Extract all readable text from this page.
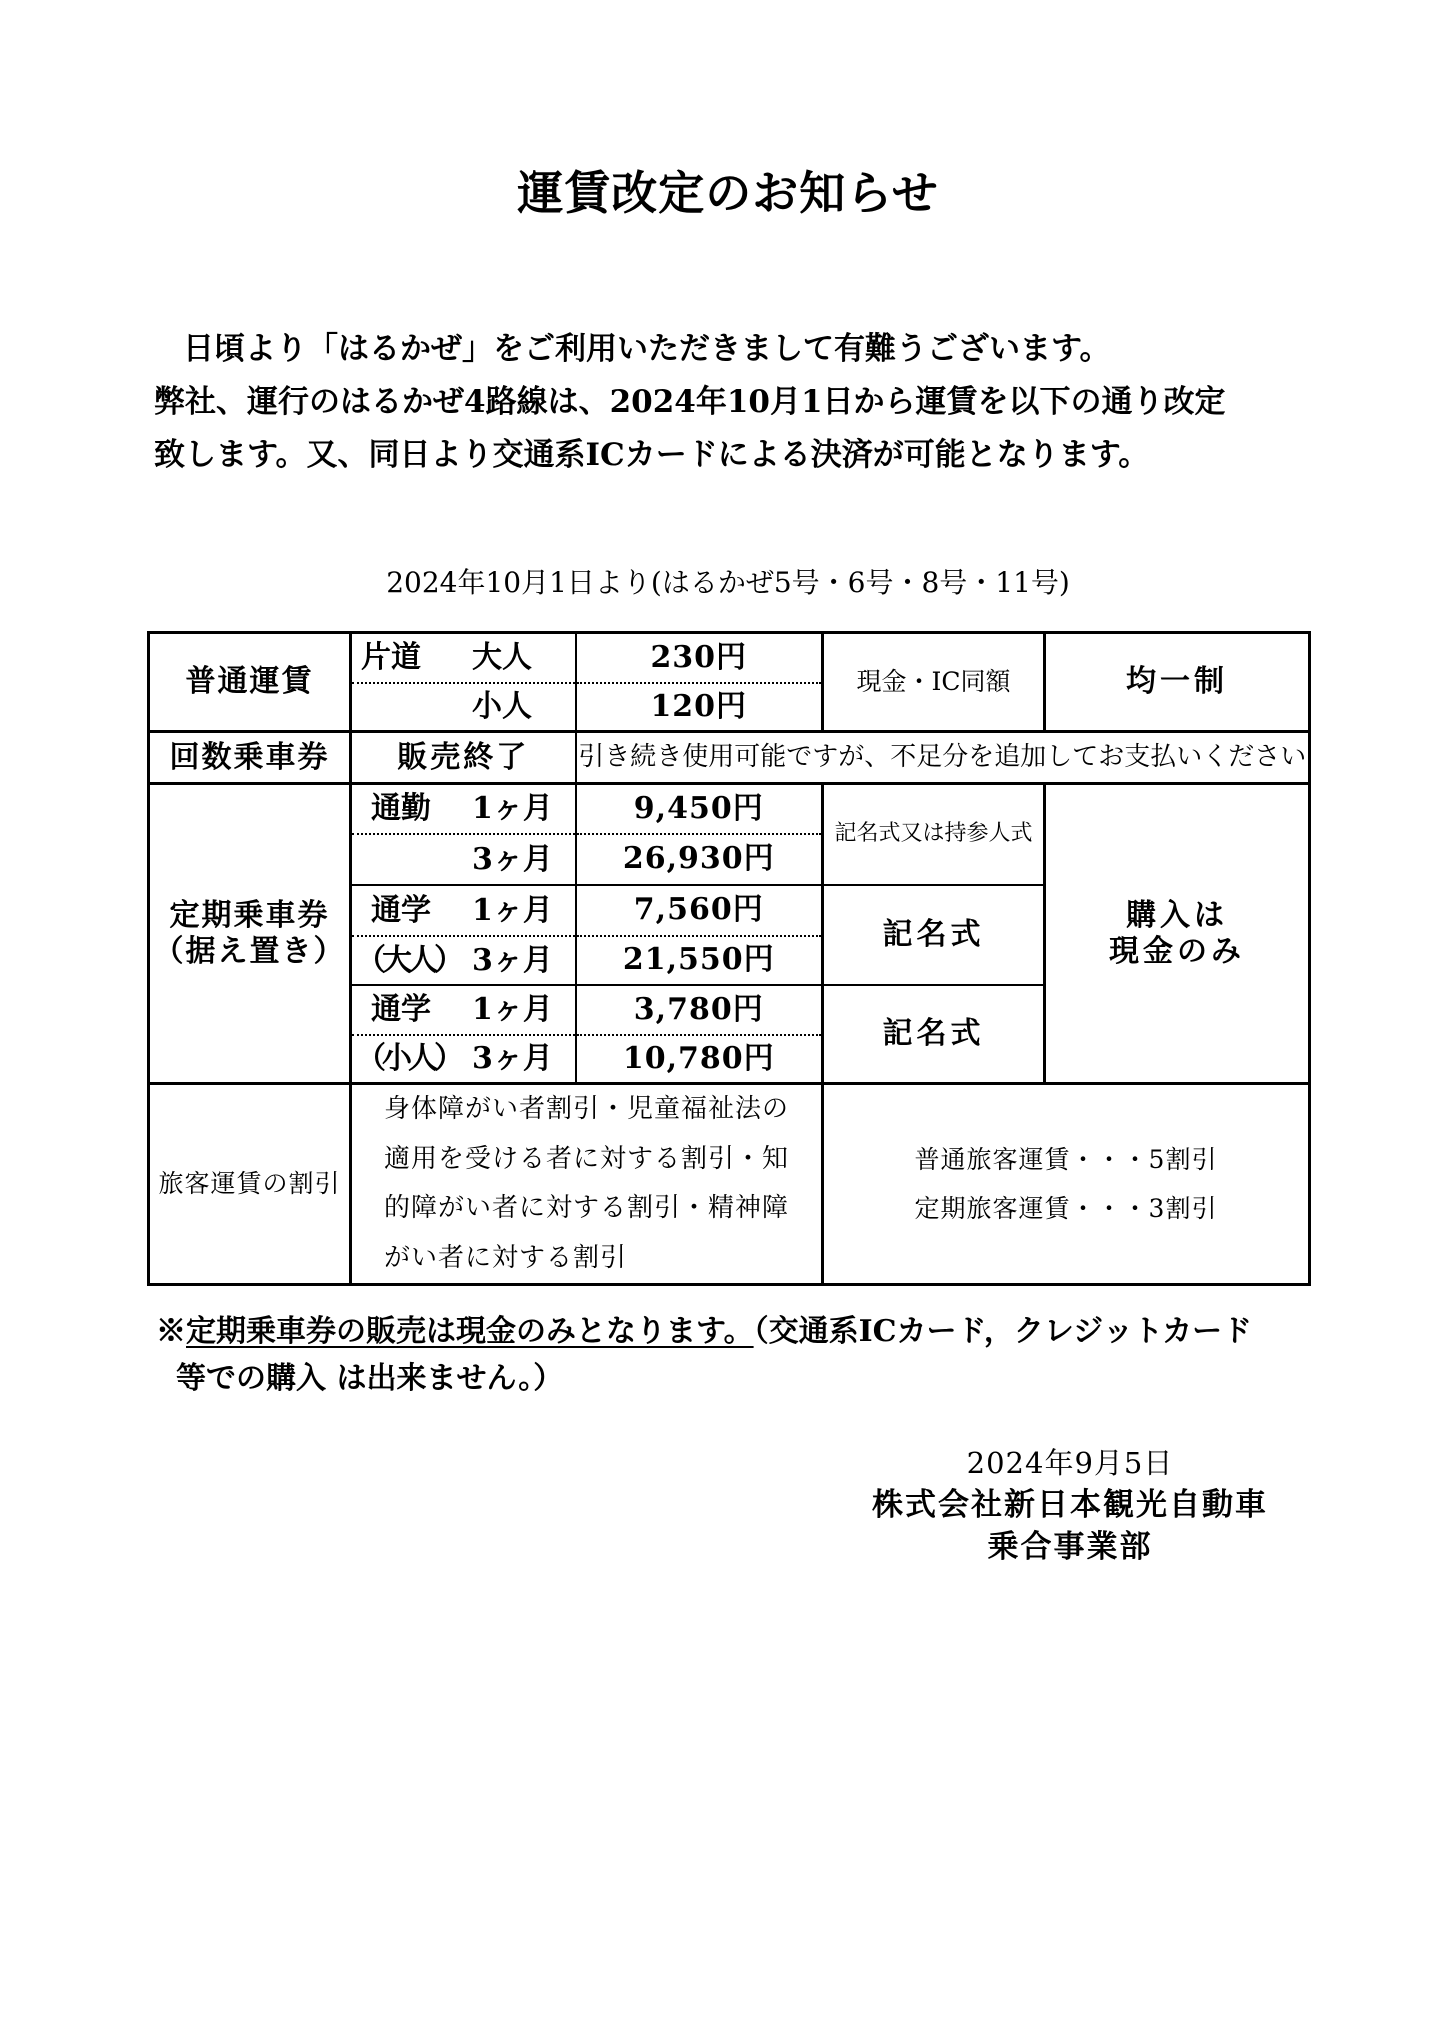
運賃改定のお知らせ
日頃より「はるかぜ」をご利用いただきまして有難うございます。
弊社、運行のはるかぜ4路線は、2024年10月1日から運賃を以下の通り改定
致します。又、同日より交通系ICカードによる決済が可能となります。
2024年10月1日より(はるかぜ5号・6号・8号・11号)
普通運賃	片道 大人	230円	現金・IC同額	均一制
	小人	120円		
回数乗車券	販売終了	引き続き使用可能ですが、不足分を追加してお支払いください		

定期乗車券
（据え置き）	通勤 1ヶ月	9,450円	記名式又は持参人式	購入は
現金のみ

	3ヶ月	26,930円		
	通学 1ヶ月	7,560円	記名式	
	（大人） 3ヶ月	21,550円		
	通学 1ヶ月	3,780円	記名式	
	（小人） 3ヶ月	10,780円		
旅客運賃の割引	身体障がい者割引・児童福祉法の
適用を受ける者に対する割引・知
的障がい者に対する割引・精神障
がい者に対する割引		普通旅客運賃・・・5割引
定期旅客運賃・・・3割引	
※定期乗車券の販売は現金のみとなります。（交通系ICカード，クレジットカード
等での購入 は出来ません。）
2024年9月5日
株式会社新日本観光自動車
乗合事業部
